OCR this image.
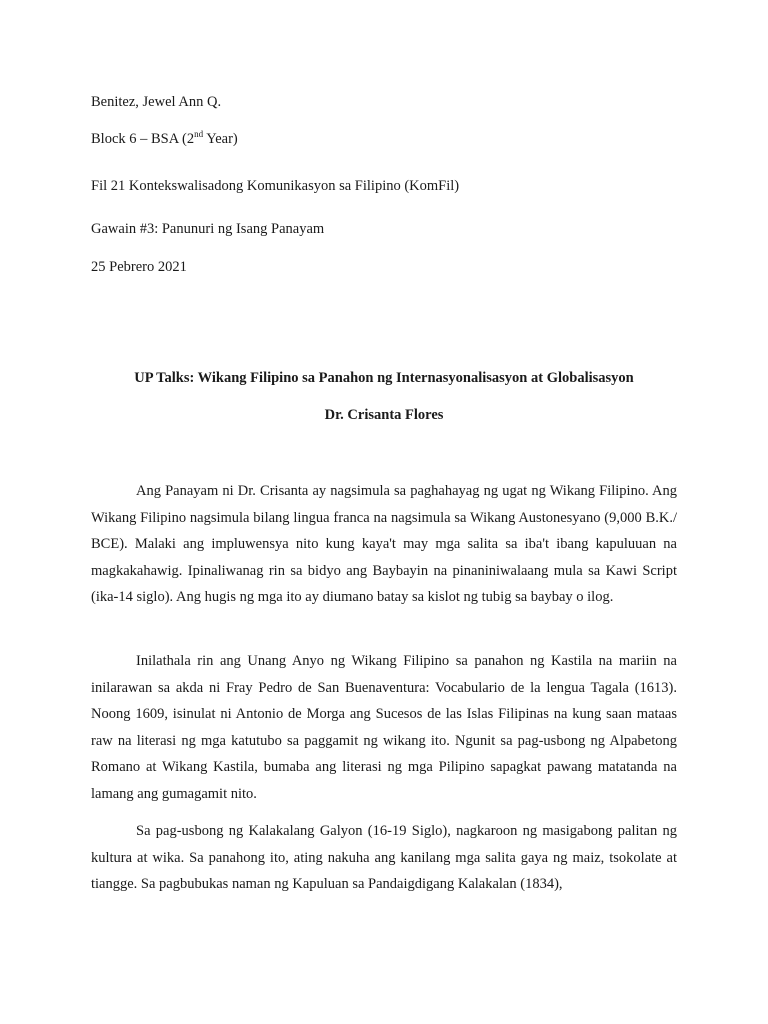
Benitez, Jewel Ann Q.
Block 6 – BSA (2nd Year)
Fil 21 Kontekswalisadong Komunikasyon sa Filipino (KomFil)
Gawain #3: Panunuri ng Isang Panayam
25 Pebrero 2021
UP Talks: Wikang Filipino sa Panahon ng Internasyonalisasyon at Globalisasyon
Dr. Crisanta Flores

Ang Panayam ni Dr. Crisanta ay nagsimula sa paghahayag ng ugat ng Wikang Filipino. Ang Wikang Filipino nagsimula bilang lingua franca na nagsimula sa Wikang Austonesyano (9,000 B.K./ BCE). Malaki ang impluwensya nito kung kaya't may mga salita sa iba't ibang kapuluuan na magkakahawig. Ipinaliwanag rin sa bidyo ang Baybayin na pinaniniwalaang mula sa Kawi Script (ika-14 siglo). Ang hugis ng mga ito ay diumano batay sa kislot ng tubig sa baybay o ilog.

Inilathala rin ang Unang Anyo ng Wikang Filipino sa panahon ng Kastila na mariin na inilarawan sa akda ni Fray Pedro de San Buenaventura: Vocabulario de la lengua Tagala (1613). Noong 1609, isinulat ni Antonio de Morga ang Sucesos de las Islas Filipinas na kung saan mataas raw na literasi ng mga katutubo sa paggamit ng wikang ito. Ngunit sa pag-usbong ng Alpabetong Romano at Wikang Kastila, bumaba ang literasi ng mga Pilipino sapagkat pawang matatanda na lamang ang gumagamit nito.

Sa pag-usbong ng Kalakalang Galyon (16-19 Siglo), nagkaroon ng masigabong palitan ng kultura at wika. Sa panahong ito, ating nakuha ang kanilang mga salita gaya ng maiz, tsokolate at tiangge. Sa pagbubukas naman ng Kapuluan sa Pandaigdigang Kalakalan (1834),
